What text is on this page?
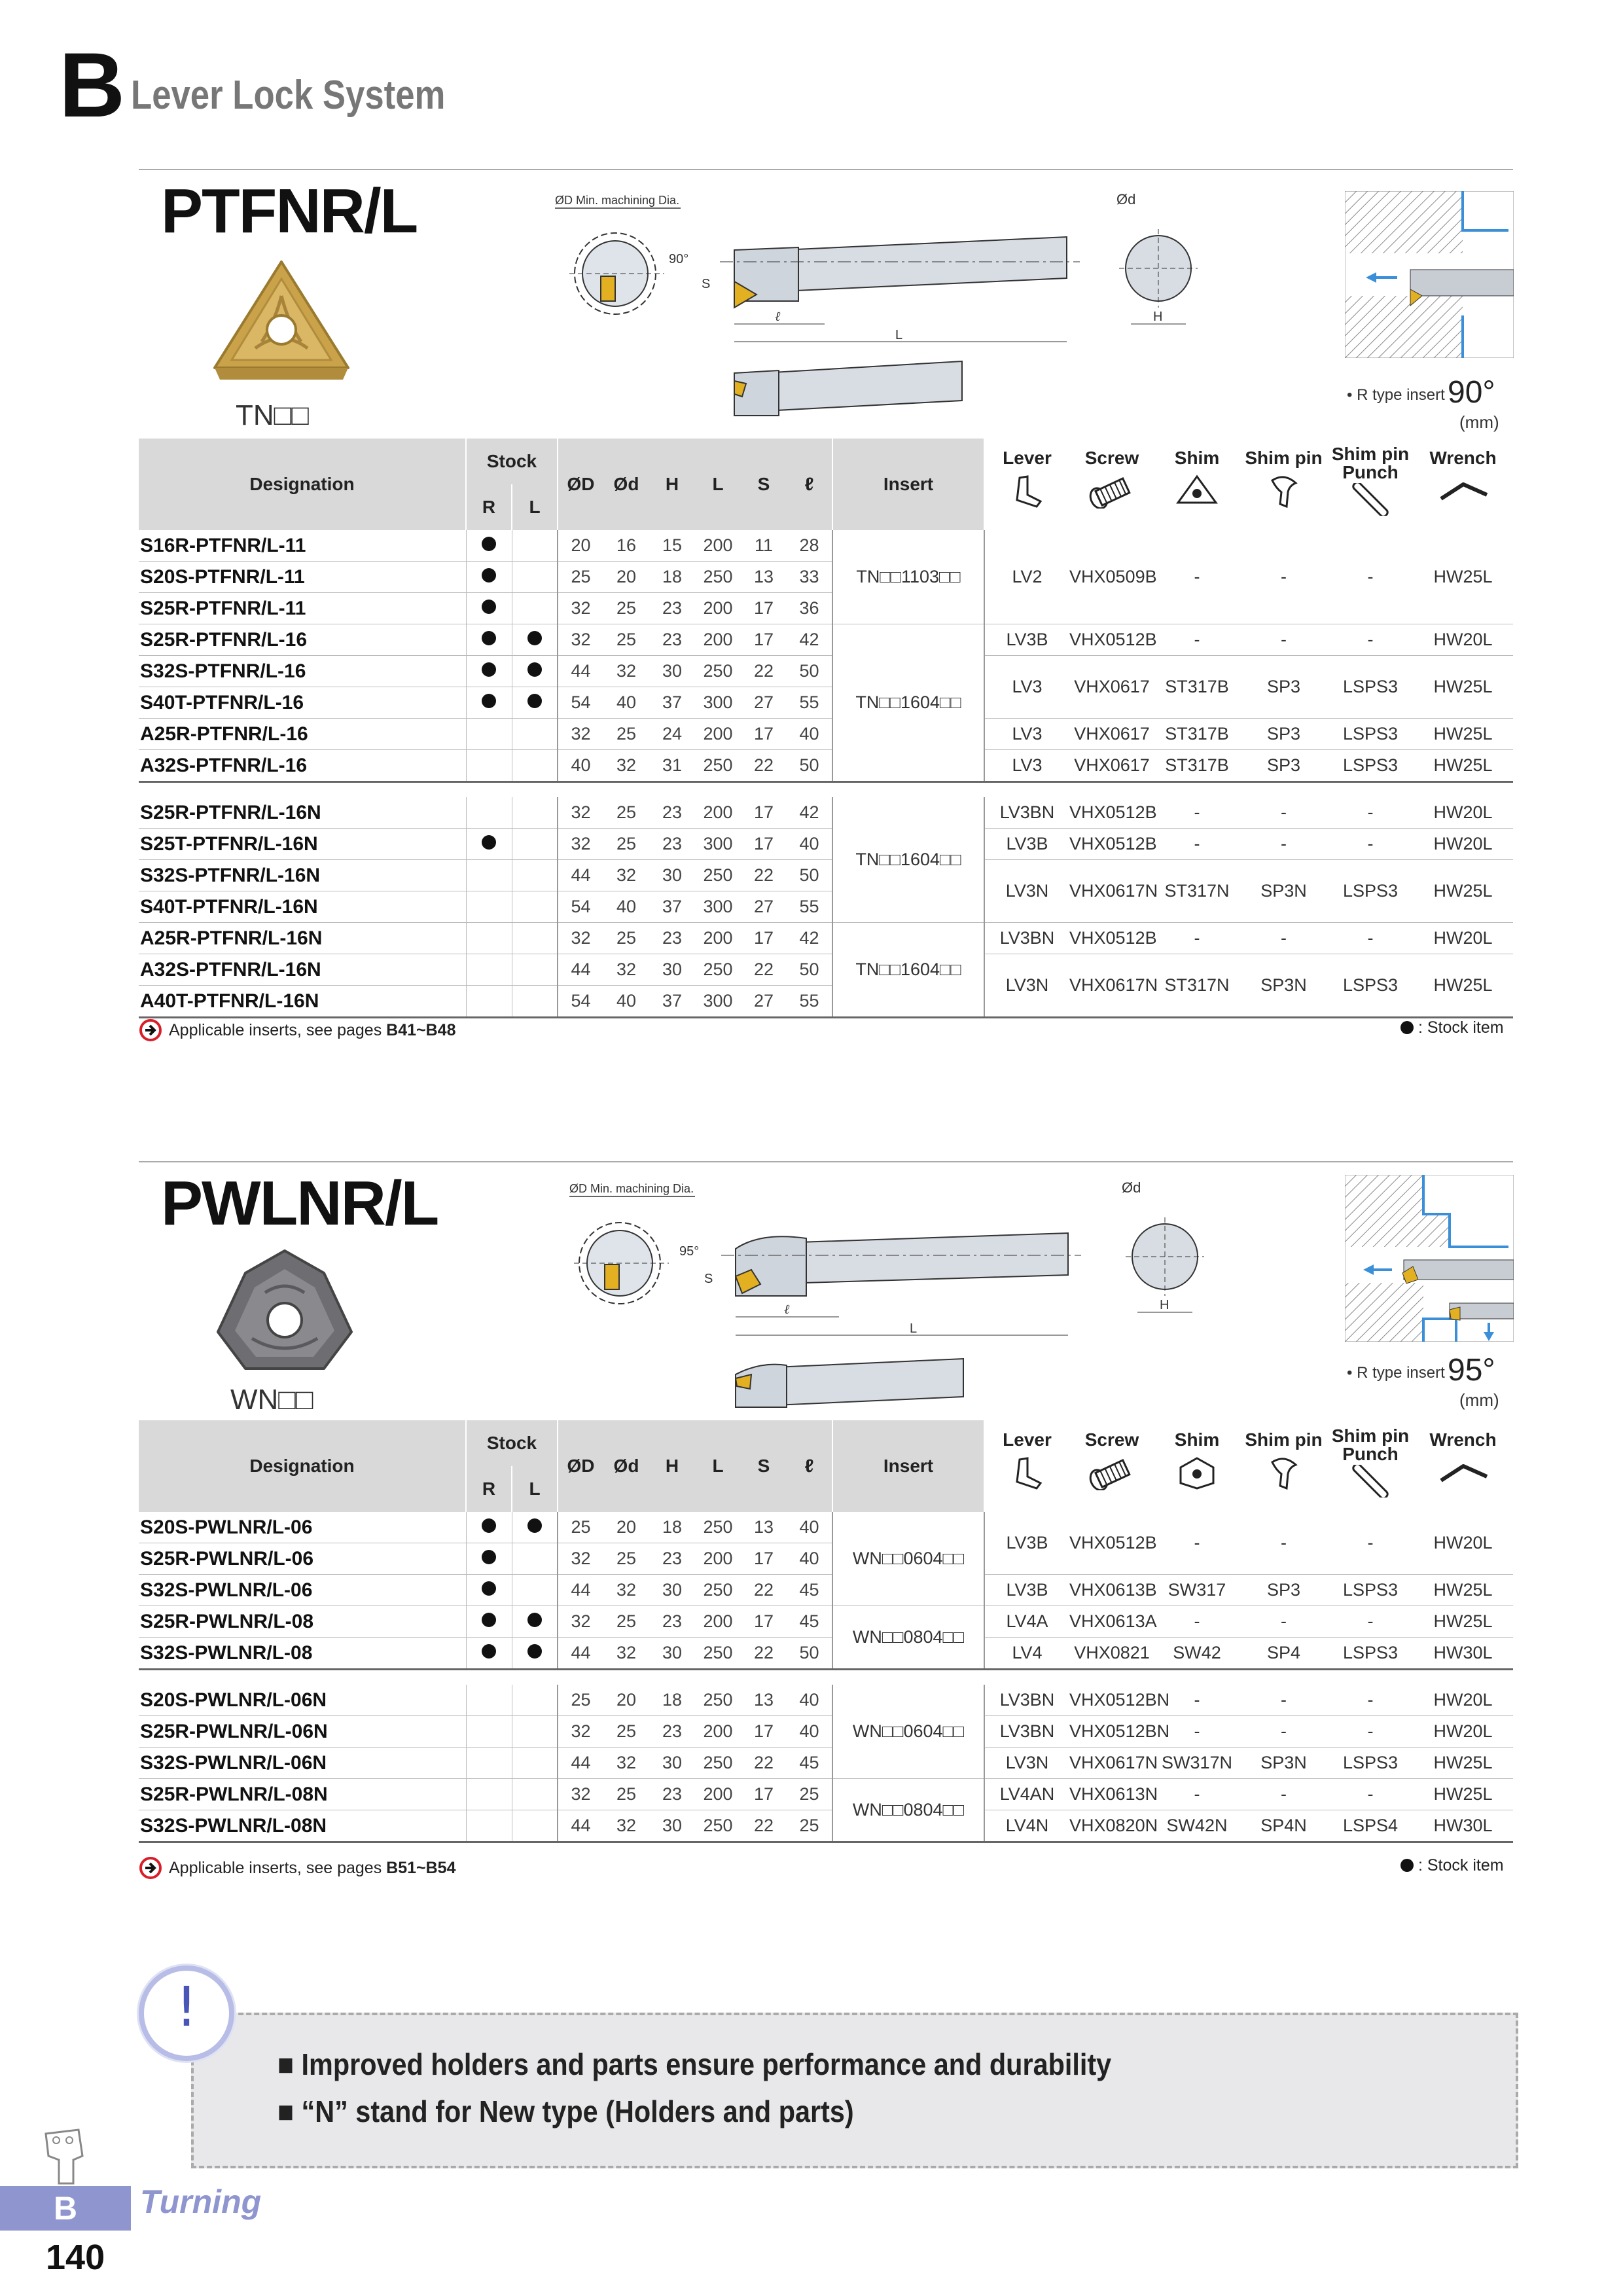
B Lever Lock System
PTFNR/L
TN□□
ØD Min. machining Dia.
90°
S
ℓ
L
Ød
H
• R type insert 90°
(mm)
Designation	Stock		ØD	Ød	H	L	S	ℓ	Insert	Lever	Screw	Shim	Shim pin	Shim pin Punch	Wrench

	R	L													
S16R-PTFNR/L-11			20	16	15	200	11	28	TN□□1103□□	LV2	VHX0509B	-	-	-	HW25L
S20S-PTFNR/L-11			25	20	18	250	13	33							
S25R-PTFNR/L-11			32	25	23	200	17	36							
S25R-PTFNR/L-16			32	25	23	200	17	42	TN□□1604□□	LV3B	VHX0512B	-	-	-	HW20L
S32S-PTFNR/L-16			44	32	30	250	22	50		LV3	VHX0617	ST317B	SP3	LSPS3	HW25L
S40T-PTFNR/L-16			54	40	37	300	27	55							
A25R-PTFNR/L-16			32	25	24	200	17	40		LV3	VHX0617	ST317B	SP3	LSPS3	HW25L
A32S-PTFNR/L-16			40	32	31	250	22	50		LV3	VHX0617	ST317B	SP3	LSPS3	HW25L

S25R-PTFNR/L-16N			32	25	23	200	17	42	TN□□1604□□	LV3BN	VHX0512B	-	-	-	HW20L
S25T-PTFNR/L-16N			32	25	23	300	17	40		LV3B	VHX0512B	-	-	-	HW20L
S32S-PTFNR/L-16N			44	32	30	250	22	50		LV3N	VHX0617N	ST317N	SP3N	LSPS3	HW25L
S40T-PTFNR/L-16N			54	40	37	300	27	55							
A25R-PTFNR/L-16N			32	25	23	200	17	42	TN□□1604□□	LV3BN	VHX0512B	-	-	-	HW20L
A32S-PTFNR/L-16N			44	32	30	250	22	50		LV3N	VHX0617N	ST317N	SP3N	LSPS3	HW25L
A40T-PTFNR/L-16N			54	40	37	300	27	55							
Applicable inserts, see pages B41~B48	: Stock item
PWLNR/L
WN□□
ØD Min. machining Dia.
95°
S
ℓ
L
Ød
H
• R type insert 95°
(mm)
Designation	Stock		ØD	Ød	H	L	S	ℓ	Insert	Lever	Screw	Shim	Shim pin	Shim pin Punch	Wrench

	R	L													
S20S-PWLNR/L-06			25	20	18	250	13	40	WN□□0604□□	LV3B	VHX0512B	-	-	-	HW20L
S25R-PWLNR/L-06			32	25	23	200	17	40							
S32S-PWLNR/L-06			44	32	30	250	22	45		LV3B	VHX0613B	SW317	SP3	LSPS3	HW25L
S25R-PWLNR/L-08			32	25	23	200	17	45	WN□□0804□□	LV4A	VHX0613A	-	-	-	HW25L
S32S-PWLNR/L-08			44	32	30	250	22	50		LV4	VHX0821	SW42	SP4	LSPS3	HW30L

S20S-PWLNR/L-06N			25	20	18	250	13	40	WN□□0604□□	LV3BN	VHX0512BN	-	-	-	HW20L
S25R-PWLNR/L-06N			32	25	23	200	17	40		LV3BN	VHX0512BN	-	-	-	HW20L
S32S-PWLNR/L-06N			44	32	30	250	22	45		LV3N	VHX0617N	SW317N	SP3N	LSPS3	HW25L
S25R-PWLNR/L-08N			32	25	23	200	17	25	WN□□0804□□	LV4AN	VHX0613N	-	-	-	HW25L
S32S-PWLNR/L-08N			44	32	30	250	22	25		LV4N	VHX0820N	SW42N	SP4N	LSPS4	HW30L
Applicable inserts, see pages B51~B54	: Stock item
■ Improved holders and parts ensure performance and durability
■ “N” stand for New type (Holders and parts)
!
B	Turning
140
